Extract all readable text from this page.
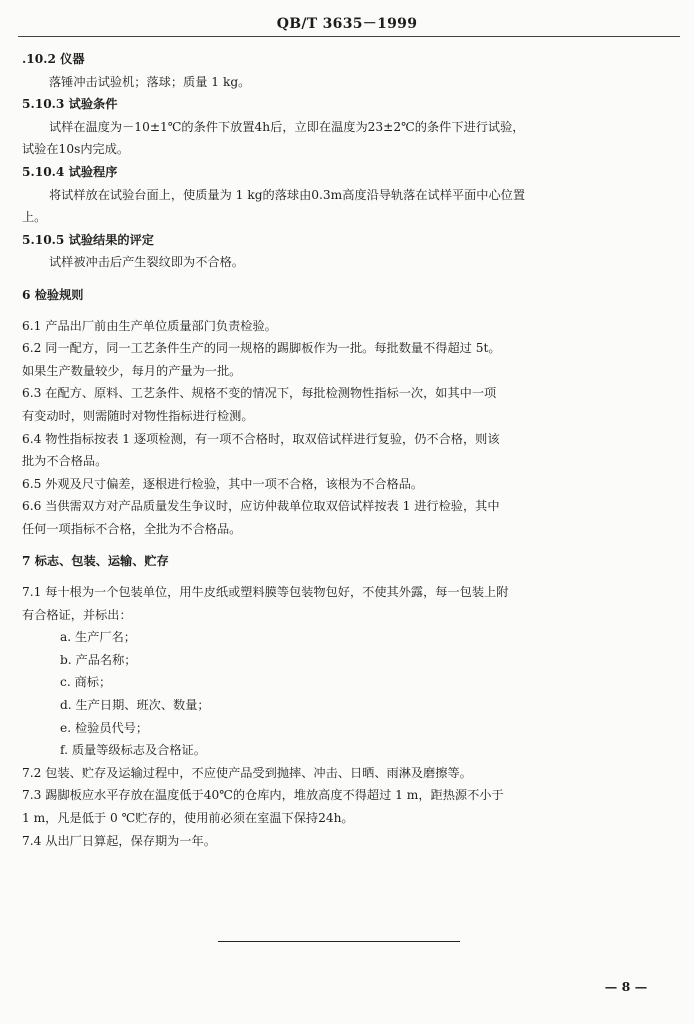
QB/T 3635－1999
.10.2 仪器
落锤冲击试验机；落球；质量 1 kg。
5.10.3 试验条件
试样在温度为－10±1℃的条件下放置4h后，立即在温度为23±2℃的条件下进行试验，
试验在10s内完成。
5.10.4 试验程序
将试样放在试验台面上，使质量为 1 kg的落球由0.3m高度沿导轨落在试样平面中心位置
上。
5.10.5 试验结果的评定
试样被冲击后产生裂纹即为不合格。
6 检验规则
6.1 产品出厂前由生产单位质量部门负责检验。
6.2 同一配方，同一工艺条件生产的同一规格的踢脚板作为一批。每批数量不得超过 5t。
如果生产数量较少，每月的产量为一批。
6.3 在配方、原料、工艺条件、规格不变的情况下，每批检测物性指标一次，如其中一项
有变动时，则需随时对物性指标进行检测。
6.4 物性指标按表 1 逐项检测，有一项不合格时，取双倍试样进行复验，仍不合格，则该
批为不合格品。
6.5 外观及尺寸偏差，逐根进行检验，其中一项不合格，该根为不合格品。
6.6 当供需双方对产品质量发生争议时，应访仲裁单位取双倍试样按表 1 进行检验，其中
任何一项指标不合格，全批为不合格品。
7 标志、包装、运输、贮存
7.1 每十根为一个包装单位，用牛皮纸或塑料膜等包装物包好，不使其外露，每一包装上附
有合格证，并标出：
a. 生产厂名；
b. 产品名称；
c. 商标；
d. 生产日期、班次、数量；
e. 检验员代号；
f. 质量等级标志及合格证。
7.2 包装、贮存及运输过程中，不应使产品受到抛摔、冲击、日晒、雨淋及磨擦等。
7.3 踢脚板应水平存放在温度低于40℃的仓库内，堆放高度不得超过 1 m，距热源不小于
1 m，凡是低于 0 ℃贮存的，使用前必须在室温下保持24h。
7.4 从出厂日算起，保存期为一年。
— 8 —
